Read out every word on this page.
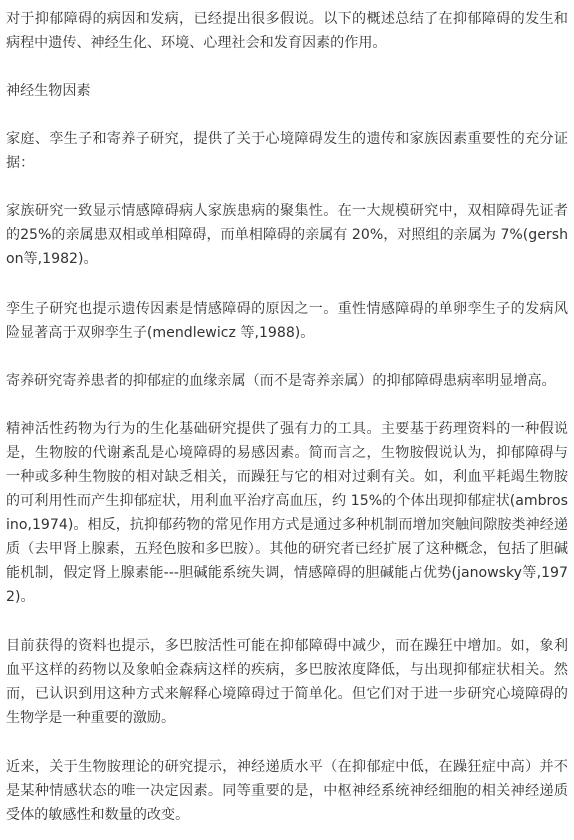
对于抑郁障碍的病因和发病，已经提出很多假说。以下的概述总结了在抑郁障碍的发生和病程中遗传、神经生化、环境、心理社会和发育因素的作用。

神经生物因素

家庭、孪生子和寄养子研究，提供了关于心境障碍发生的遗传和家族因素重要性的充分证据：

家族研究一致显示情感障碍病人家族患病的聚集性。在一大规模研究中，双相障碍先证者的25%的亲属患双相或单相障碍，而单相障碍的亲属有 20%，对照组的亲属为 7%(gershon等,1982)。

孪生子研究也提示遗传因素是情感障碍的原因之一。重性情感障碍的单卵孪生子的发病风险显著高于双卵孪生子(mendlewicz 等,1988)。

寄养研究寄养患者的抑郁症的血缘亲属（而不是寄养亲属）的抑郁障碍患病率明显增高。

精神活性药物为行为的生化基础研究提供了强有力的工具。主要基于药理资料的一种假说是，生物胺的代谢紊乱是心境障碍的易感因素。简而言之，生物胺假说认为，抑郁障碍与一种或多种生物胺的相对缺乏相关，而躁狂与它的相对过剩有关。如，利血平耗竭生物胺的可利用性而产生抑郁症状，用利血平治疗高血压，约 15%的个体出现抑郁症状(ambrosino,1974)。相反，抗抑郁药物的常见作用方式是通过多种机制而增加突触间隙胺类神经递质（去甲肾上腺素，五羟色胺和多巴胺）。其他的研究者已经扩展了这种概念，包括了胆碱能机制，假定肾上腺素能---胆碱能系统失调，情感障碍的胆碱能占优势(janowsky等,1972)。

目前获得的资料也提示，多巴胺活性可能在抑郁障碍中减少，而在躁狂中增加。如，象利血平这样的药物以及象帕金森病这样的疾病，多巴胺浓度降低，与出现抑郁症状相关。然而，已认识到用这种方式来解释心境障碍过于简单化。但它们对于进一步研究心境障碍的生物学是一种重要的激励。

近来，关于生物胺理论的研究提示，神经递质水平（在抑郁症中低，在躁狂症中高）并不是某种情感状态的唯一决定因素。同等重要的是，中枢神经系统神经细胞的相关神经递质受体的敏感性和数量的改变。
